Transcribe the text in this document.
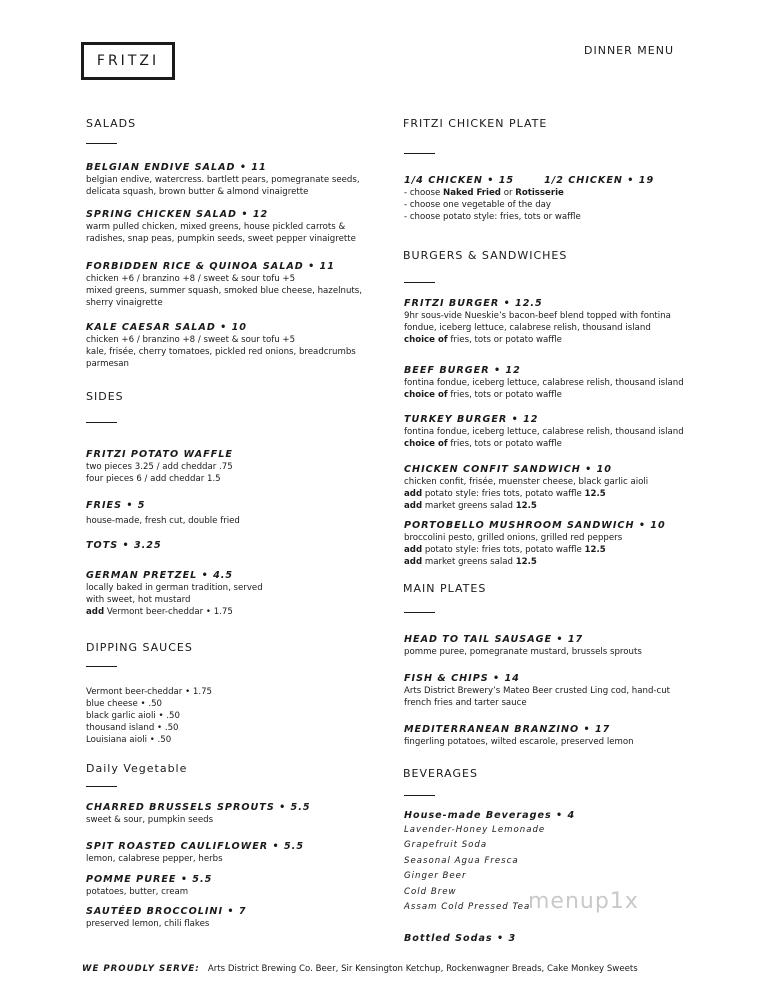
FRITZI
DINNER MENU
SALADS
BELGIAN ENDIVE SALAD • 11
belgian endive, watercress. bartlett pears, pomegranate seeds,
delicata squash, brown butter & almond vinaigrette
SPRING CHICKEN SALAD • 12
warm pulled chicken, mixed greens, house pickled carrots &
radishes, snap peas, pumpkin seeds, sweet pepper vinaigrette
FORBIDDEN RICE & QUINOA SALAD • 11
chicken +6 / branzino +8 / sweet & sour tofu +5
mixed greens, summer squash, smoked blue cheese, hazelnuts,
sherry vinaigrette
KALE CAESAR SALAD • 10
chicken +6 / branzino +8 / sweet & sour tofu +5
kale, frisée, cherry tomatoes, pickled red onions, breadcrumbs
parmesan
SIDES
FRITZI POTATO WAFFLE
two pieces 3.25 / add cheddar .75
four pieces 6 / add cheddar 1.5
FRIES • 5
house-made, fresh cut, double fried
TOTS • 3.25
GERMAN PRETZEL • 4.5
locally baked in german tradition, served
with sweet, hot mustard
add Vermont beer-cheddar • 1.75
DIPPING SAUCES
Vermont beer-cheddar • 1.75
blue cheese • .50
black garlic aioli • .50
thousand island • .50
Louisiana aioli • .50
Daily Vegetable
CHARRED BRUSSELS SPROUTS • 5.5
sweet & sour, pumpkin seeds
SPIT ROASTED CAULIFLOWER • 5.5
lemon, calabrese pepper, herbs
POMME PUREE • 5.5
potatoes, butter, cream
SAUTÉED BROCCOLINI • 7
preserved lemon, chili flakes
FRITZI CHICKEN PLATE
1/4 CHICKEN • 15	1/2 CHICKEN • 19
- choose Naked Fried or Rotisserie
- choose one vegetable of the day
- choose potato style: fries, tots or waffle
BURGERS & SANDWICHES
FRITZI BURGER • 12.5
9hr sous-vide Nueskie’s bacon-beef blend topped with fontina
fondue, iceberg lettuce, calabrese relish, thousand island
choice of fries, tots or potato waffle
BEEF BURGER • 12
fontina fondue, iceberg lettuce, calabrese relish, thousand island
choice of fries, tots or potato waffle
TURKEY BURGER • 12
fontina fondue, iceberg lettuce, calabrese relish, thousand island
choice of fries, tots or potato waffle
CHICKEN CONFIT SANDWICH • 10
chicken confit, frisée, muenster cheese, black garlic aioli
add potato style: fries tots, potato waffle 12.5
add market greens salad 12.5
PORTOBELLO MUSHROOM SANDWICH • 10
broccolini pesto, grilled onions, grilled red peppers
add potato style: fries tots, potato waffle 12.5
add market greens salad 12.5
MAIN PLATES
HEAD TO TAIL SAUSAGE • 17
pomme puree, pomegranate mustard, brussels sprouts
FISH & CHIPS • 14
Arts District Brewery’s Mateo Beer crusted Ling cod, hand-cut
french fries and tarter sauce
MEDITERRANEAN BRANZINO • 17
fingerling potatoes, wilted escarole, preserved lemon
BEVERAGES
House-made Beverages • 4
Lavender-Honey Lemonade
Grapefruit Soda
Seasonal Agua Fresca
Ginger Beer
Cold Brew
Assam Cold Pressed Tea
Bottled Sodas • 3
menup1x
WE PROUDLY SERVE: Arts District Brewing Co. Beer, Sir Kensington Ketchup, Rockenwagner Breads, Cake Monkey Sweets
